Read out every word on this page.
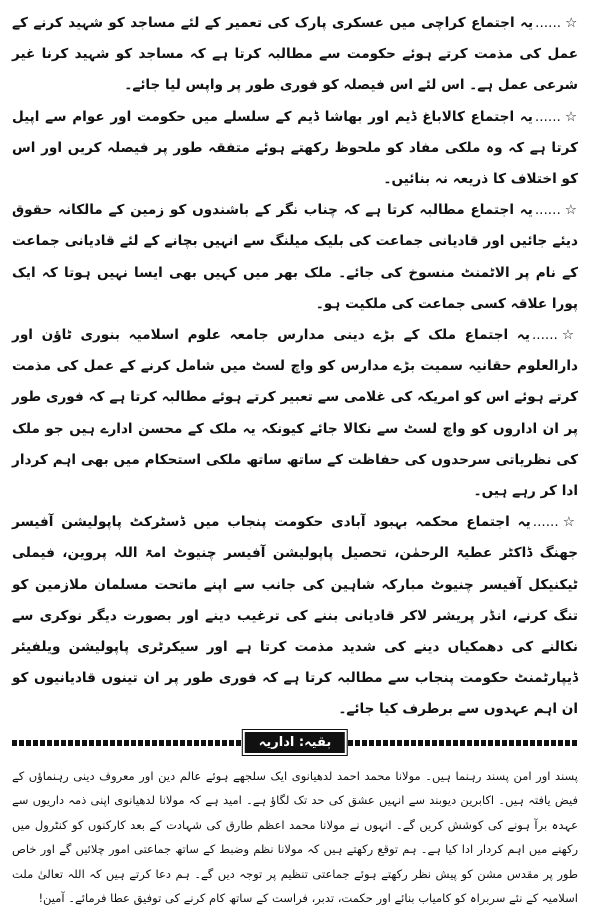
☆......یہ اجتماع کراچی میں عسکری پارک کی تعمیر کے لئے مساجد کو شہید کرنے کے عمل کی مذمت کرتے ہوئے حکومت سے مطالبہ کرتا ہے کہ مساجد کو شہید کرنا غیر شرعی عمل ہے۔ اس لئے اس فیصلہ کو فوری طور پر واپس لیا جائے۔

☆......یہ اجتماع کالاباغ ڈیم اور بھاشا ڈیم کے سلسلے میں حکومت اور عوام سے اپیل کرتا ہے کہ وہ ملکی مفاد کو ملحوظ رکھتے ہوئے متفقہ طور پر فیصلہ کریں اور اس کو اختلاف کا ذریعہ نہ بنائیں۔

☆......یہ اجتماع مطالبہ کرتا ہے کہ چناب نگر کے باشندوں کو زمین کے مالکانہ حقوق دیئے جائیں اور قادیانی جماعت کی بلیک میلنگ سے انہیں بچانے کے لئے قادیانی جماعت کے نام پر الاٹمنٹ منسوخ کی جائے۔ ملک بھر میں کہیں بھی ایسا نہیں ہوتا کہ ایک پورا علاقہ کسی جماعت کی ملکیت ہو۔

☆......یہ اجتماع ملک کے بڑے دینی مدارس جامعہ علوم اسلامیہ بنوری ٹاؤن اور دارالعلوم حقانیہ سمیت بڑے مدارس کو واچ لسٹ میں شامل کرنے کے عمل کی مذمت کرتے ہوئے اس کو امریکہ کی غلامی سے تعبیر کرتے ہوئے مطالبہ کرتا ہے کہ فوری طور پر ان اداروں کو واچ لسٹ سے نکالا جائے کیونکہ یہ ملک کے محسن ادارے ہیں جو ملک کی نظریاتی سرحدوں کی حفاظت کے ساتھ ساتھ ملکی استحکام میں بھی اہم کردار ادا کر رہے ہیں۔

☆......یہ اجتماع محکمہ بہبود آبادی حکومت پنجاب میں ڈسٹرکٹ پاپولیشن آفیسر جھنگ ڈاکٹر عطیۃ الرحمٰن، تحصیل پاپولیشن آفیسر چنیوٹ امۃ اللہ پروین، فیملی ٹیکنیکل آفیسر چنیوٹ مبارکہ شاہین کی جانب سے اپنے ماتحت مسلمان ملازمین کو تنگ کرنے، انڈر پریشر لاکر قادیانی بننے کی ترغیب دینے اور بصورت دیگر نوکری سے نکالنے کی دھمکیاں دینے کی شدید مذمت کرتا ہے اور سیکرٹری پاپولیشن ویلفیئر ڈیپارٹمنٹ حکومت پنجاب سے مطالبہ کرتا ہے کہ فوری طور پر ان تینوں قادیانیوں کو ان اہم عہدوں سے برطرف کیا جائے۔

بقیہ: اداریہ

پسند اور امن پسند رہنما ہیں۔ مولانا محمد احمد لدھیانوی ایک سلجھے ہوئے عالم دین اور معروف دینی رہنماؤں کے فیض یافتہ ہیں۔ اکابرین دیوبند سے انہیں عشق کی حد تک لگاؤ ہے۔ امید ہے کہ مولانا لدھیانوی اپنی ذمہ داریوں سے عہدہ برآ ہونے کی کوشش کریں گے۔ انہوں نے مولانا محمد اعظم طارق کی شہادت کے بعد کارکنوں کو کنٹرول میں رکھنے میں اہم کردار ادا کیا ہے۔ ہم توقع رکھتے ہیں کہ مولانا نظم وضبط کے ساتھ جماعتی امور چلائیں گے اور خاص طور پر مقدس مشن کو پیش نظر رکھتے ہوئے جماعتی تنظیم پر توجہ دیں گے۔ ہم دعا کرتے ہیں کہ اللہ تعالیٰ ملت اسلامیہ کے نئے سربراہ کو کامیاب بنائے اور حکمت، تدبر، فراست کے ساتھ کام کرنے کی توفیق عطا فرمائے۔ آمین!
